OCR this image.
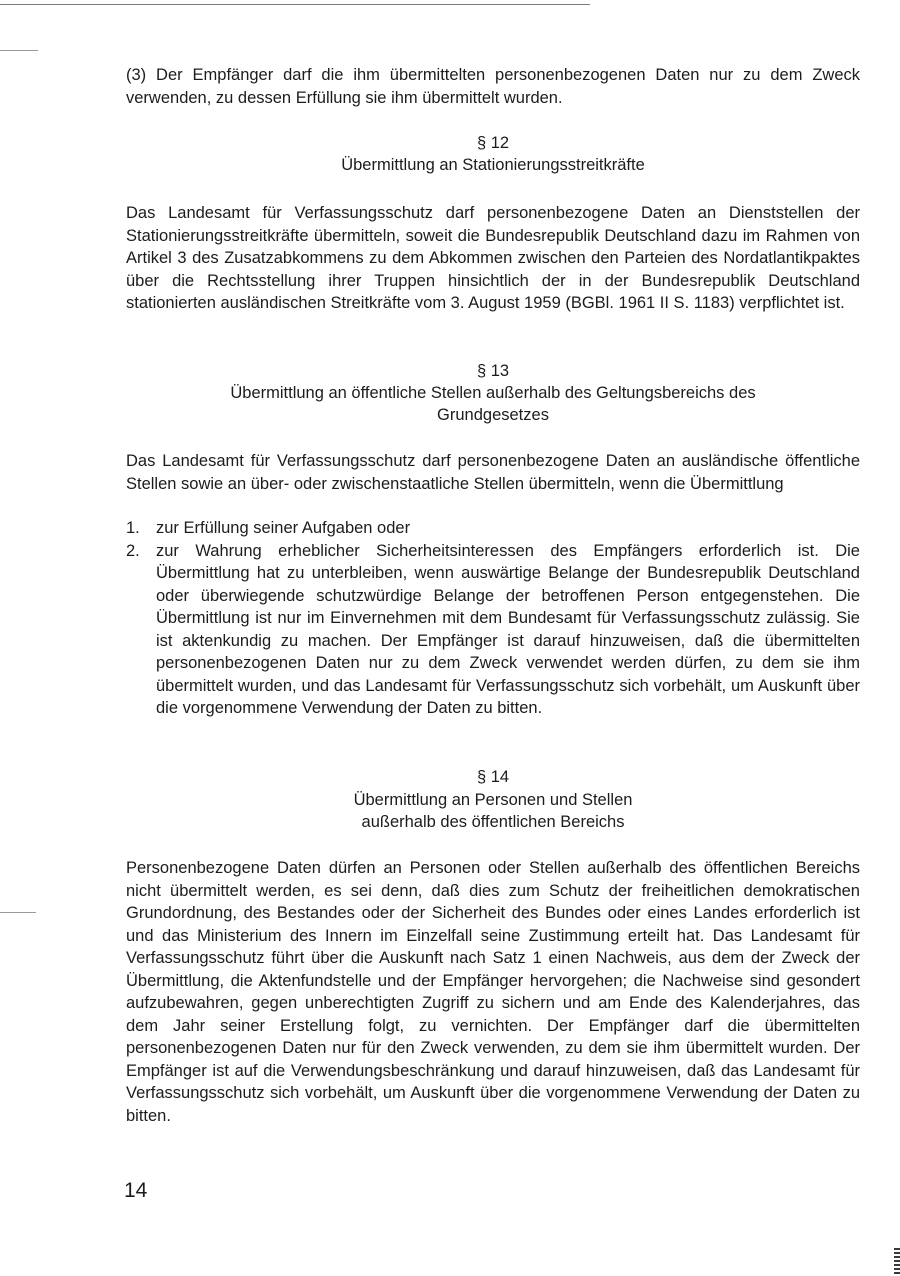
(3) Der Empfänger darf die ihm übermittelten personenbezogenen Daten nur zu dem Zweck verwenden, zu dessen Erfüllung sie ihm übermittelt wurden.
§ 12
Übermittlung an Stationierungsstreitkräfte
Das Landesamt für Verfassungsschutz darf personenbezogene Daten an Dienststellen der Stationierungsstreitkräfte übermitteln, soweit die Bundesrepublik Deutschland dazu im Rahmen von Artikel 3 des Zusatzabkommens zu dem Abkommen zwischen den Parteien des Nordatlantikpaktes über die Rechtsstellung ihrer Truppen hinsichtlich der in der Bundesrepublik Deutschland stationierten ausländischen Streitkräfte vom 3. August 1959 (BGBl. 1961 II S. 1183) verpflichtet ist.
§ 13
Übermittlung an öffentliche Stellen außerhalb des Geltungsbereichs des
Grundgesetzes
Das Landesamt für Verfassungsschutz darf personenbezogene Daten an ausländische öffentliche Stellen sowie an über- oder zwischenstaatliche Stellen übermitteln, wenn die Übermittlung
1. zur Erfüllung seiner Aufgaben oder
2. zur Wahrung erheblicher Sicherheitsinteressen des Empfängers erforderlich ist. Die Übermittlung hat zu unterbleiben, wenn auswärtige Belange der Bundesrepublik Deutschland oder überwiegende schutzwürdige Belange der betroffenen Person entgegenstehen. Die Übermittlung ist nur im Einvernehmen mit dem Bundesamt für Verfassungsschutz zulässig. Sie ist aktenkundig zu machen. Der Empfänger ist darauf hinzuweisen, daß die übermittelten personenbezogenen Daten nur zu dem Zweck verwendet werden dürfen, zu dem sie ihm übermittelt wurden, und das Landesamt für Verfassungsschutz sich vorbehält, um Auskunft über die vorgenommene Verwendung der Daten zu bitten.
§ 14
Übermittlung an Personen und Stellen
außerhalb des öffentlichen Bereichs
Personenbezogene Daten dürfen an Personen oder Stellen außerhalb des öffentlichen Bereichs nicht übermittelt werden, es sei denn, daß dies zum Schutz der freiheitlichen demokratischen Grundordnung, des Bestandes oder der Sicherheit des Bundes oder eines Landes erforderlich ist und das Ministerium des Innern im Einzelfall seine Zustimmung erteilt hat. Das Landesamt für Verfassungsschutz führt über die Auskunft nach Satz 1 einen Nachweis, aus dem der Zweck der Übermittlung, die Aktenfundstelle und der Empfänger hervorgehen; die Nachweise sind gesondert aufzubewahren, gegen unberechtigten Zugriff zu sichern und am Ende des Kalenderjahres, das dem Jahr seiner Erstellung folgt, zu vernichten. Der Empfänger darf die übermittelten personenbezogenen Daten nur für den Zweck verwenden, zu dem sie ihm übermittelt wurden. Der Empfänger ist auf die Verwendungsbeschränkung und darauf hinzuweisen, daß das Landesamt für Verfassungsschutz sich vorbehält, um Auskunft über die vorgenommene Verwendung der Daten zu bitten.
14
